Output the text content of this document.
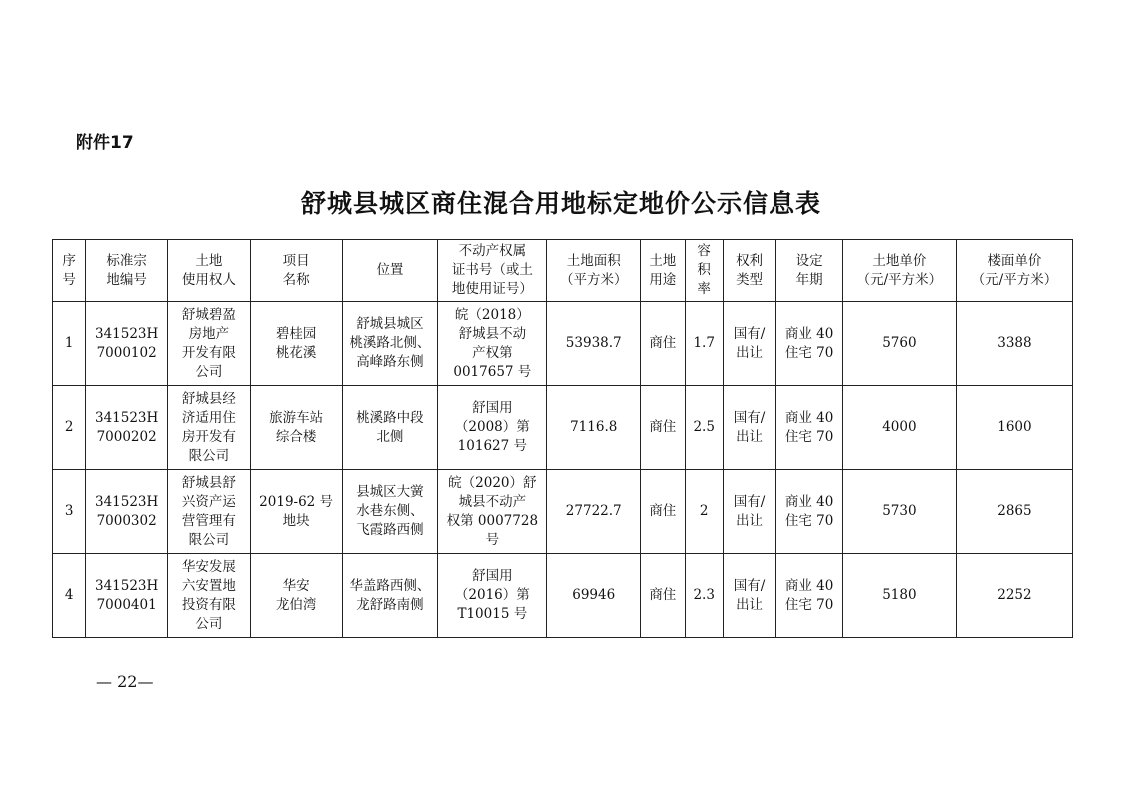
附件17
舒城县城区商住混合用地标定地价公示信息表
序
号	标准宗
地编号	土地
使用权人	项目
名称	位置	不动产权属
证书号（或土
地使用证号）	土地面积
（平方米）	土地
用途	容
积
率	权利
类型	设定
年期	土地单价
（元/平方米）	楼面单价
（元/平方米）
1	341523H
7000102	舒城碧盈
房地产
开发有限
公司	碧桂园
桃花溪	舒城县城区
桃溪路北侧、
高峰路东侧	皖（2018）
舒城县不动
产权第
0017657 号	53938.7	商住	1.7	国有/
出让	商业 40
住宅 70	5760	3388
2	341523H
7000202	舒城县经
济适用住
房开发有
限公司	旅游车站
综合楼	桃溪路中段
北侧	舒国用
（2008）第
101627 号	7116.8	商住	2.5	国有/
出让	商业 40
住宅 70	4000	1600
3	341523H
7000302	舒城县舒
兴资产运
营管理有
限公司	2019-62 号
地块	县城区大黉
水巷东侧、
飞霞路西侧	皖（2020）舒
城县不动产
权第 0007728
号	27722.7	商住	2	国有/
出让	商业 40
住宅 70	5730	2865
4	341523H
7000401	华安发展
六安置地
投资有限
公司	华安
龙伯湾	华盖路西侧、
龙舒路南侧	舒国用
（2016）第
T10015 号	69946	商住	2.3	国有/
出让	商业 40
住宅 70	5180	2252
— 22—
